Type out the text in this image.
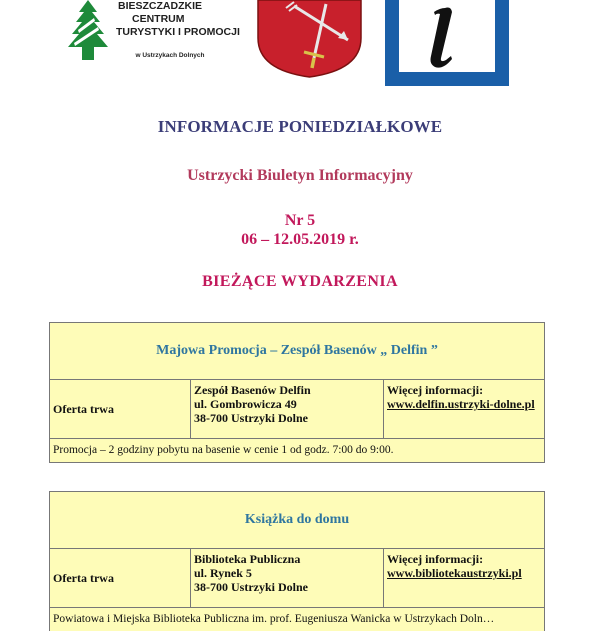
BIESZCZADZKIE
CENTRUM
TURYSTYKI I PROMOCJI
w Ustrzykach Dolnych
INFORMACJE PONIEDZIAŁKOWE
Ustrzycki Biuletyn Informacyjny
Nr 5
06 – 12.05.2019 r.
BIEŻĄCE WYDARZENIA
Majowa Promocja – Zespół Basenów „ Delfin ”
Oferta trwa
Zespół Basenów Delfin
ul. Gombrowicza 49
38-700 Ustrzyki Dolne
Więcej informacji:
www.delfin.ustrzyki-dolne.pl
Promocja – 2 godziny pobytu na basenie w cenie 1 od godz. 7:00 do 9:00.
Książka do domu
Oferta trwa
Biblioteka Publiczna
ul. Rynek 5
38-700 Ustrzyki Dolne
Więcej informacji:
www.bibliotekaustrzyki.pl
Powiatowa i Miejska Biblioteka Publiczna im. prof. Eugeniusza Wanicka w Ustrzykach Doln…
